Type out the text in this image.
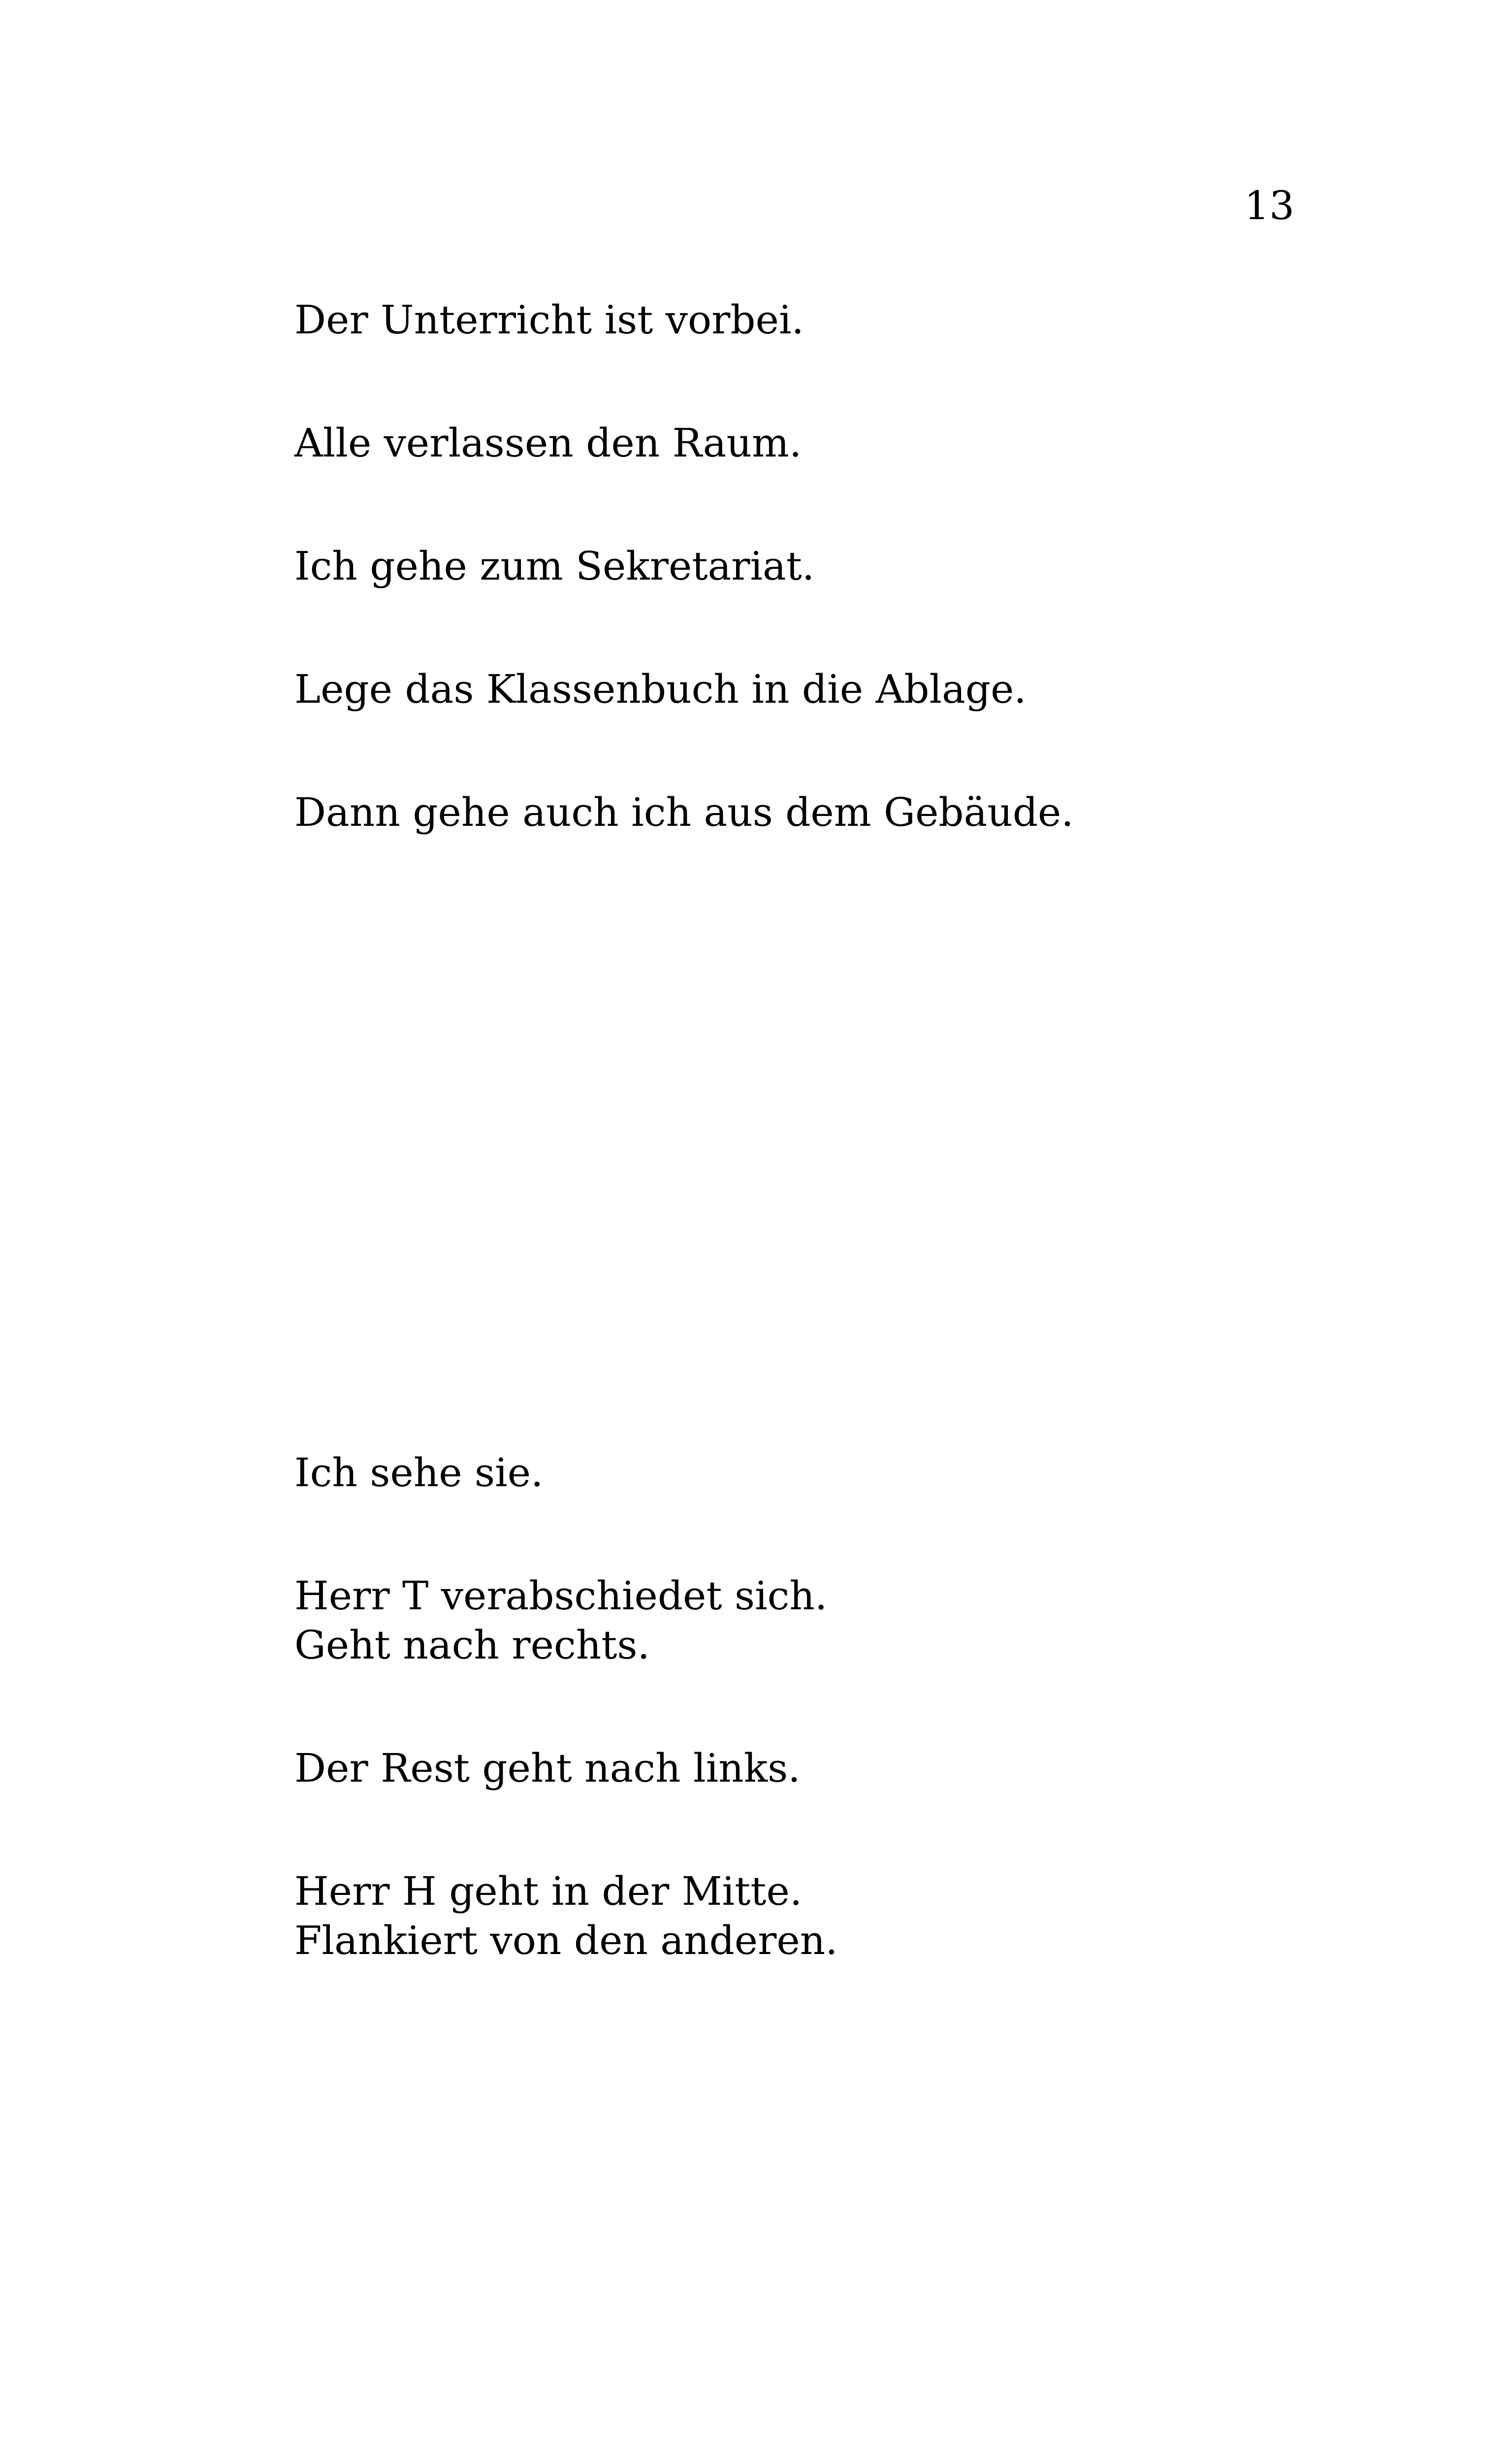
13

Der Unterricht ist vorbei.

Alle verlassen den Raum.

Ich gehe zum Sekretariat.

Lege das Klassenbuch in die Ablage.

Dann gehe auch ich aus dem Gebäude.

Ich sehe sie.

Herr T verabschiedet sich.
Geht nach rechts.

Der Rest geht nach links.

Herr H geht in der Mitte.
Flankiert von den anderen.
